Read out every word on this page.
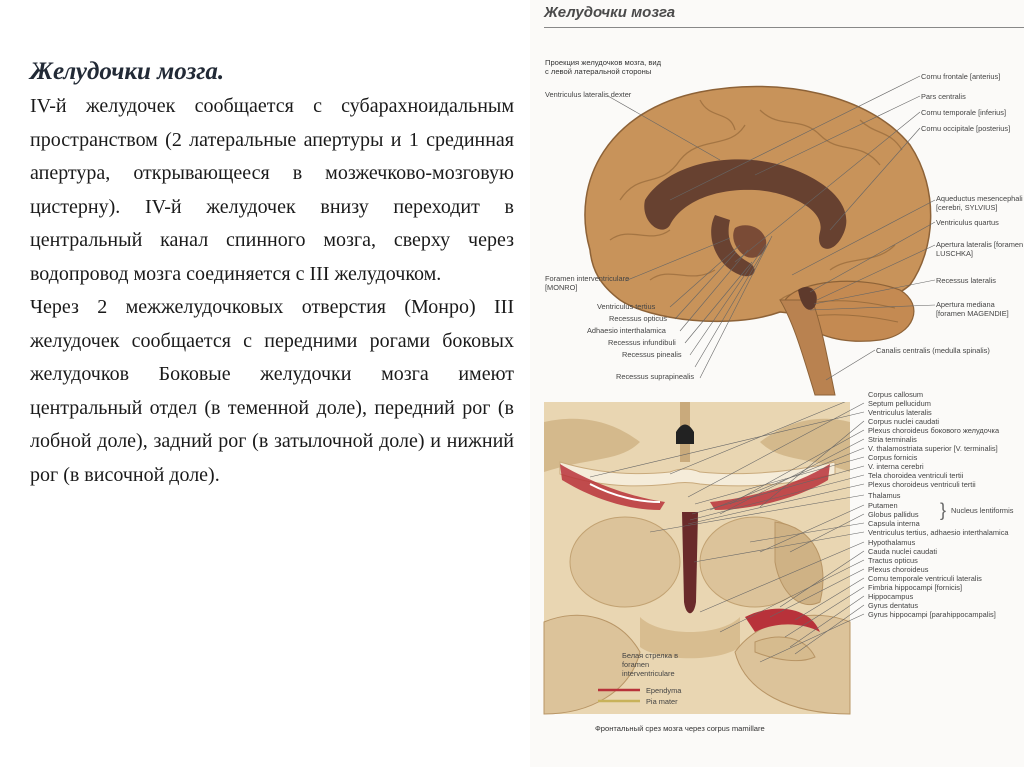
Желудочки мозга.

IV-й желудочек сообщается с субарахноидальным пространством (2 латеральные апертуры и 1 срединная апертура, открывающееся в мозжечково-мозговую цистерну). IV-й желудочек внизу переходит в центральный канал спинного мозга, сверху через водопровод мозга соединяется с III желудочком.

Через 2 межжелудочковых отверстия (Монро) III желудочек сообщается с передними рогами боковых желудочков Боковые желудочки мозга имеют центральный отдел (в теменной доле), передний рог (в лобной доле), задний рог (в затылочной доле) и нижний рог (в височной доле).

Желудочки мозга
Проекция желудочков мозга, вид
с левой латеральной стороны
Ventriculus lateralis dexter
Foramen interventriculare
[MONRO]
Ventriculus tertius
Recessus opticus
Adhaesio interthalamica
Recessus infundibuli
Recessus pinealis
Recessus suprapinealis
Cornu frontale [anterius]
Pars centralis
Cornu temporale [inferius]
Cornu occipitale [posterius]
Aqueductus mesencephali
[cerebri, SYLVIUS]
Ventriculus quartus
Apertura lateralis [foramen
LUSCHKA]
Recessus lateralis
Apertura mediana
[foramen MAGENDIE]
Canalis centralis (medulla spinalis)
Corpus callosum
Septum pellucidum
Ventriculus lateralis
Corpus nuclei caudati
Plexus choroideus бокового желудочка
Stria terminalis
V. thalamostriata superior [V. terminalis]
Corpus fornicis
V. interna cerebri
Tela choroidea ventriculi tertii
Plexus choroideus ventriculi tertii
Thalamus
Putamen
Globus pallidus
Capsula interna
Ventriculus tertius, adhaesio interthalamica
Hypothalamus
Cauda nuclei caudati
Tractus opticus
Plexus choroideus
Cornu temporale ventriculi lateralis
Fimbria hippocampi [fornicis]
Hippocampus
Gyrus dentatus
Gyrus hippocampi [parahippocampalis]
} Nucleus lentiformis
Белая стрелка в
foramen
interventriculare
Ependyma
Pia mater
Фронтальный срез мозга через corpus mamillare
